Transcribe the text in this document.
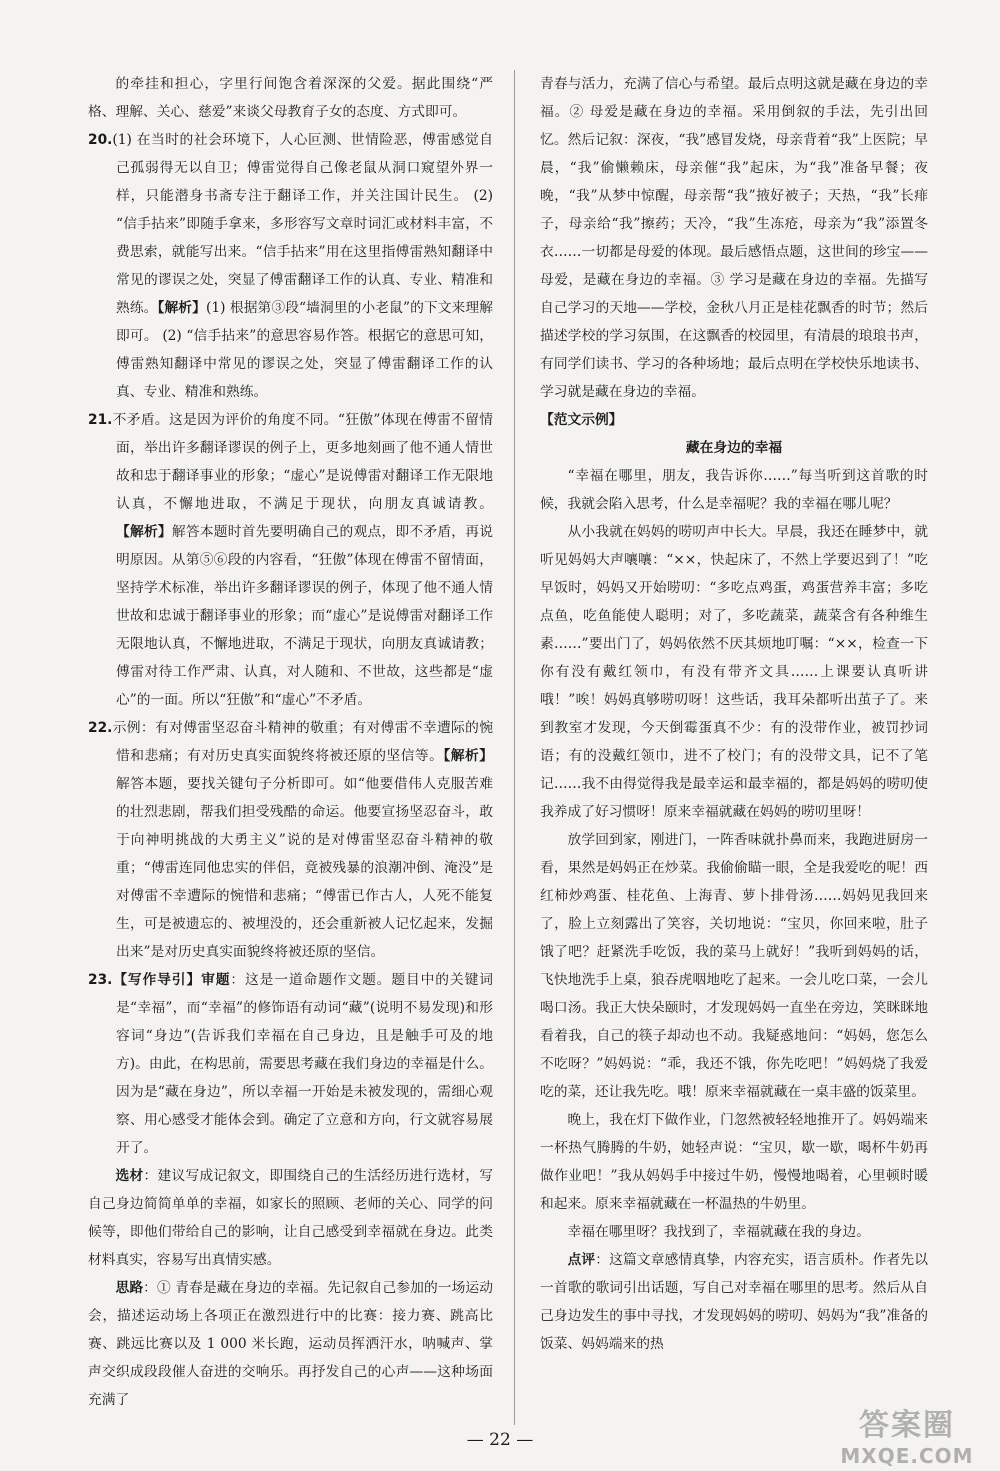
的牵挂和担心，字里行间饱含着深深的父爱。据此围绕“严格、理解、关心、慈爱”来谈父母教育子女的态度、方式即可。

20.(1) 在当时的社会环境下，人心叵测、世情险恶，傅雷感觉自己孤弱得无以自卫；傅雷觉得自己像老鼠从洞口窥望外界一样，只能潜身书斋专注于翻译工作，并关注国计民生。 (2) “信手拈来”即随手拿来，多形容写文章时词汇或材料丰富，不费思索，就能写出来。“信手拈来”用在这里指傅雷熟知翻译中常见的谬误之处，突显了傅雷翻译工作的认真、专业、精准和熟练。【解析】(1) 根据第③段“墙洞里的小老鼠”的下文来理解即可。 (2) “信手拈来”的意思容易作答。根据它的意思可知，傅雷熟知翻译中常见的谬误之处，突显了傅雷翻译工作的认真、专业、精准和熟练。

21.不矛盾。这是因为评价的角度不同。“狂傲”体现在傅雷不留情面，举出许多翻译谬误的例子上，更多地刻画了他不通人情世故和忠于翻译事业的形象；“虚心”是说傅雷对翻译工作无限地认真，不懈地进取，不满足于现状，向朋友真诚请教。【解析】解答本题时首先要明确自己的观点，即不矛盾，再说明原因。从第⑤⑥段的内容看，“狂傲”体现在傅雷不留情面，坚持学术标准，举出许多翻译谬误的例子，体现了他不通人情世故和忠诚于翻译事业的形象；而“虚心”是说傅雷对翻译工作无限地认真，不懈地进取，不满足于现状，向朋友真诚请教；傅雷对待工作严肃、认真，对人随和、不世故，这些都是“虚心”的一面。所以“狂傲”和“虚心”不矛盾。

22.示例：有对傅雷坚忍奋斗精神的敬重；有对傅雷不幸遭际的惋惜和悲痛；有对历史真实面貌终将被还原的坚信等。【解析】解答本题，要找关键句子分析即可。如“他要借伟人克服苦难的壮烈悲剧，帮我们担受残酷的命运。他要宣扬坚忍奋斗，敢于向神明挑战的大勇主义”说的是对傅雷坚忍奋斗精神的敬重；“傅雷连同他忠实的伴侣，竟被残暴的浪潮冲倒、淹没”是对傅雷不幸遭际的惋惜和悲痛；“傅雷已作古人，人死不能复生，可是被遗忘的、被埋没的，还会重新被人记忆起来，发掘出来”是对历史真实面貌终将被还原的坚信。

23.【写作导引】审题：这是一道命题作文题。题目中的关键词是“幸福”，而“幸福”的修饰语有动词“藏”(说明不易发现)和形容词“身边”(告诉我们幸福在自己身边，且是触手可及的地方)。由此，在构思前，需要思考藏在我们身边的幸福是什么。因为是“藏在身边”，所以幸福一开始是未被发现的，需细心观察、用心感受才能体会到。确定了立意和方向，行文就容易展开了。

选材：建议写成记叙文，即围绕自己的生活经历进行选材，写自己身边简简单单的幸福，如家长的照顾、老师的关心、同学的问候等，即他们带给自己的影响，让自己感受到幸福就在身边。此类材料真实，容易写出真情实感。

思路：① 青春是藏在身边的幸福。先记叙自己参加的一场运动会，描述运动场上各项正在激烈进行中的比赛：接力赛、跳高比赛、跳远比赛以及 1 000 米长跑，运动员挥洒汗水，呐喊声、掌声交织成段段催人奋进的交响乐。再抒发自己的心声——这种场面充满了

青春与活力，充满了信心与希望。最后点明这就是藏在身边的幸福。② 母爱是藏在身边的幸福。采用倒叙的手法，先引出回忆。然后记叙：深夜，“我”感冒发烧，母亲背着“我”上医院；早晨，“我”偷懒赖床，母亲催“我”起床，为“我”准备早餐；夜晚，“我”从梦中惊醒，母亲帮“我”掖好被子；天热，“我”长痱子，母亲给“我”擦药；天冷，“我”生冻疮，母亲为“我”添置冬衣……一切都是母爱的体现。最后感悟点题，这世间的珍宝——母爱，是藏在身边的幸福。③ 学习是藏在身边的幸福。先描写自己学习的天地——学校，金秋八月正是桂花飘香的时节；然后描述学校的学习氛围，在这飘香的校园里，有清晨的琅琅书声，有同学们读书、学习的各种场地；最后点明在学校快乐地读书、学习就是藏在身边的幸福。

【范文示例】

藏在身边的幸福

“幸福在哪里，朋友，我告诉你……”每当听到这首歌的时候，我就会陷入思考，什么是幸福呢？我的幸福在哪儿呢？

从小我就在妈妈的唠叨声中长大。早晨，我还在睡梦中，就听见妈妈大声嚷嚷：“××，快起床了，不然上学要迟到了！”吃早饭时，妈妈又开始唠叨：“多吃点鸡蛋，鸡蛋营养丰富；多吃点鱼，吃鱼能使人聪明；对了，多吃蔬菜，蔬菜含有各种维生素……”要出门了，妈妈依然不厌其烦地叮嘱：“××，检查一下你有没有戴红领巾，有没有带齐文具……上课要认真听讲哦！”唉！妈妈真够唠叨呀！这些话，我耳朵都听出茧子了。来到教室才发现，今天倒霉蛋真不少：有的没带作业，被罚抄词语；有的没戴红领巾，进不了校门；有的没带文具，记不了笔记……我不由得觉得我是最幸运和最幸福的，都是妈妈的唠叨使我养成了好习惯呀！原来幸福就藏在妈妈的唠叨里呀！

放学回到家，刚进门，一阵香味就扑鼻而来，我跑进厨房一看，果然是妈妈正在炒菜。我偷偷瞄一眼，全是我爱吃的呢！西红柿炒鸡蛋、桂花鱼、上海青、萝卜排骨汤……妈妈见我回来了，脸上立刻露出了笑容，关切地说：“宝贝，你回来啦，肚子饿了吧？赶紧洗手吃饭，我的菜马上就好！”我听到妈妈的话，飞快地洗手上桌，狼吞虎咽地吃了起来。一会儿吃口菜，一会儿喝口汤。我正大快朵颐时，才发现妈妈一直坐在旁边，笑眯眯地看着我，自己的筷子却动也不动。我疑惑地问：“妈妈，您怎么不吃呀？”妈妈说：“乖，我还不饿，你先吃吧！”妈妈烧了我爱吃的菜，还让我先吃。哦！原来幸福就藏在一桌丰盛的饭菜里。

晚上，我在灯下做作业，门忽然被轻轻地推开了。妈妈端来一杯热气腾腾的牛奶，她轻声说：“宝贝，歇一歇，喝杯牛奶再做作业吧！”我从妈妈手中接过牛奶，慢慢地喝着，心里顿时暖和起来。原来幸福就藏在一杯温热的牛奶里。

幸福在哪里呀？我找到了，幸福就藏在我的身边。

点评：这篇文章感情真挚，内容充实，语言质朴。作者先以一首歌的歌词引出话题，写自己对幸福在哪里的思考。然后从自己身边发生的事中寻找，才发现妈妈的唠叨、妈妈为“我”准备的饭菜、妈妈端来的热

— 22 —	答案圈
MXQE.COM
